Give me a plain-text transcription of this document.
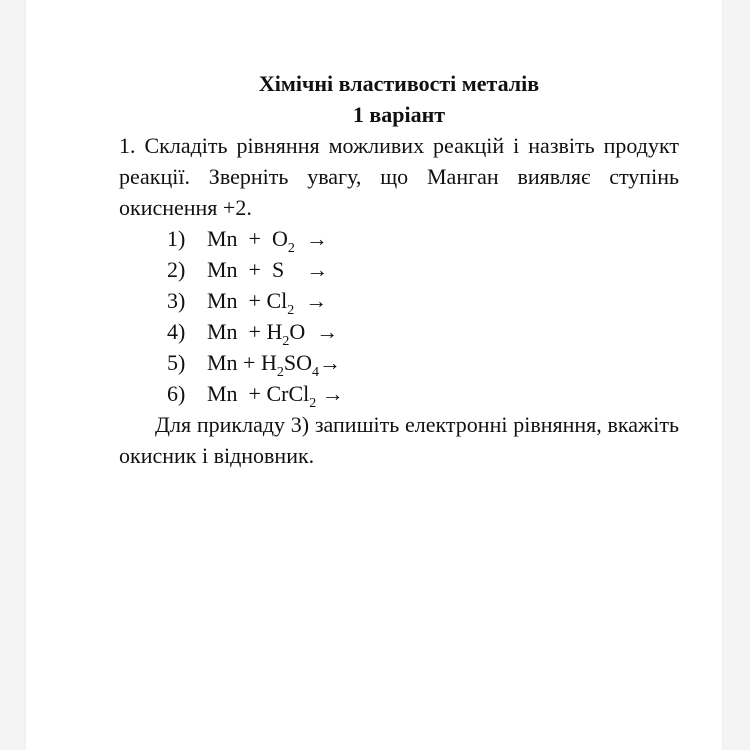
Хімічні властивості металів

1 варіант

1. Складіть рівняння можливих реакцій і назвіть продукт реакції. Зверніть увагу, що Манган виявляє ступінь окиснення +2.

1) $Mn + O_2$  →
2) Mn  +  S    →
3) $Mn + Cl_2$  →
4) $Mn + H_2O$  →
5) $Mn + H_2SO_4\to$
6) Mn  + CrCl$_2$ →

Для прикладу 3) запишіть електронні рівняння, вкажіть окисник і відновник.
